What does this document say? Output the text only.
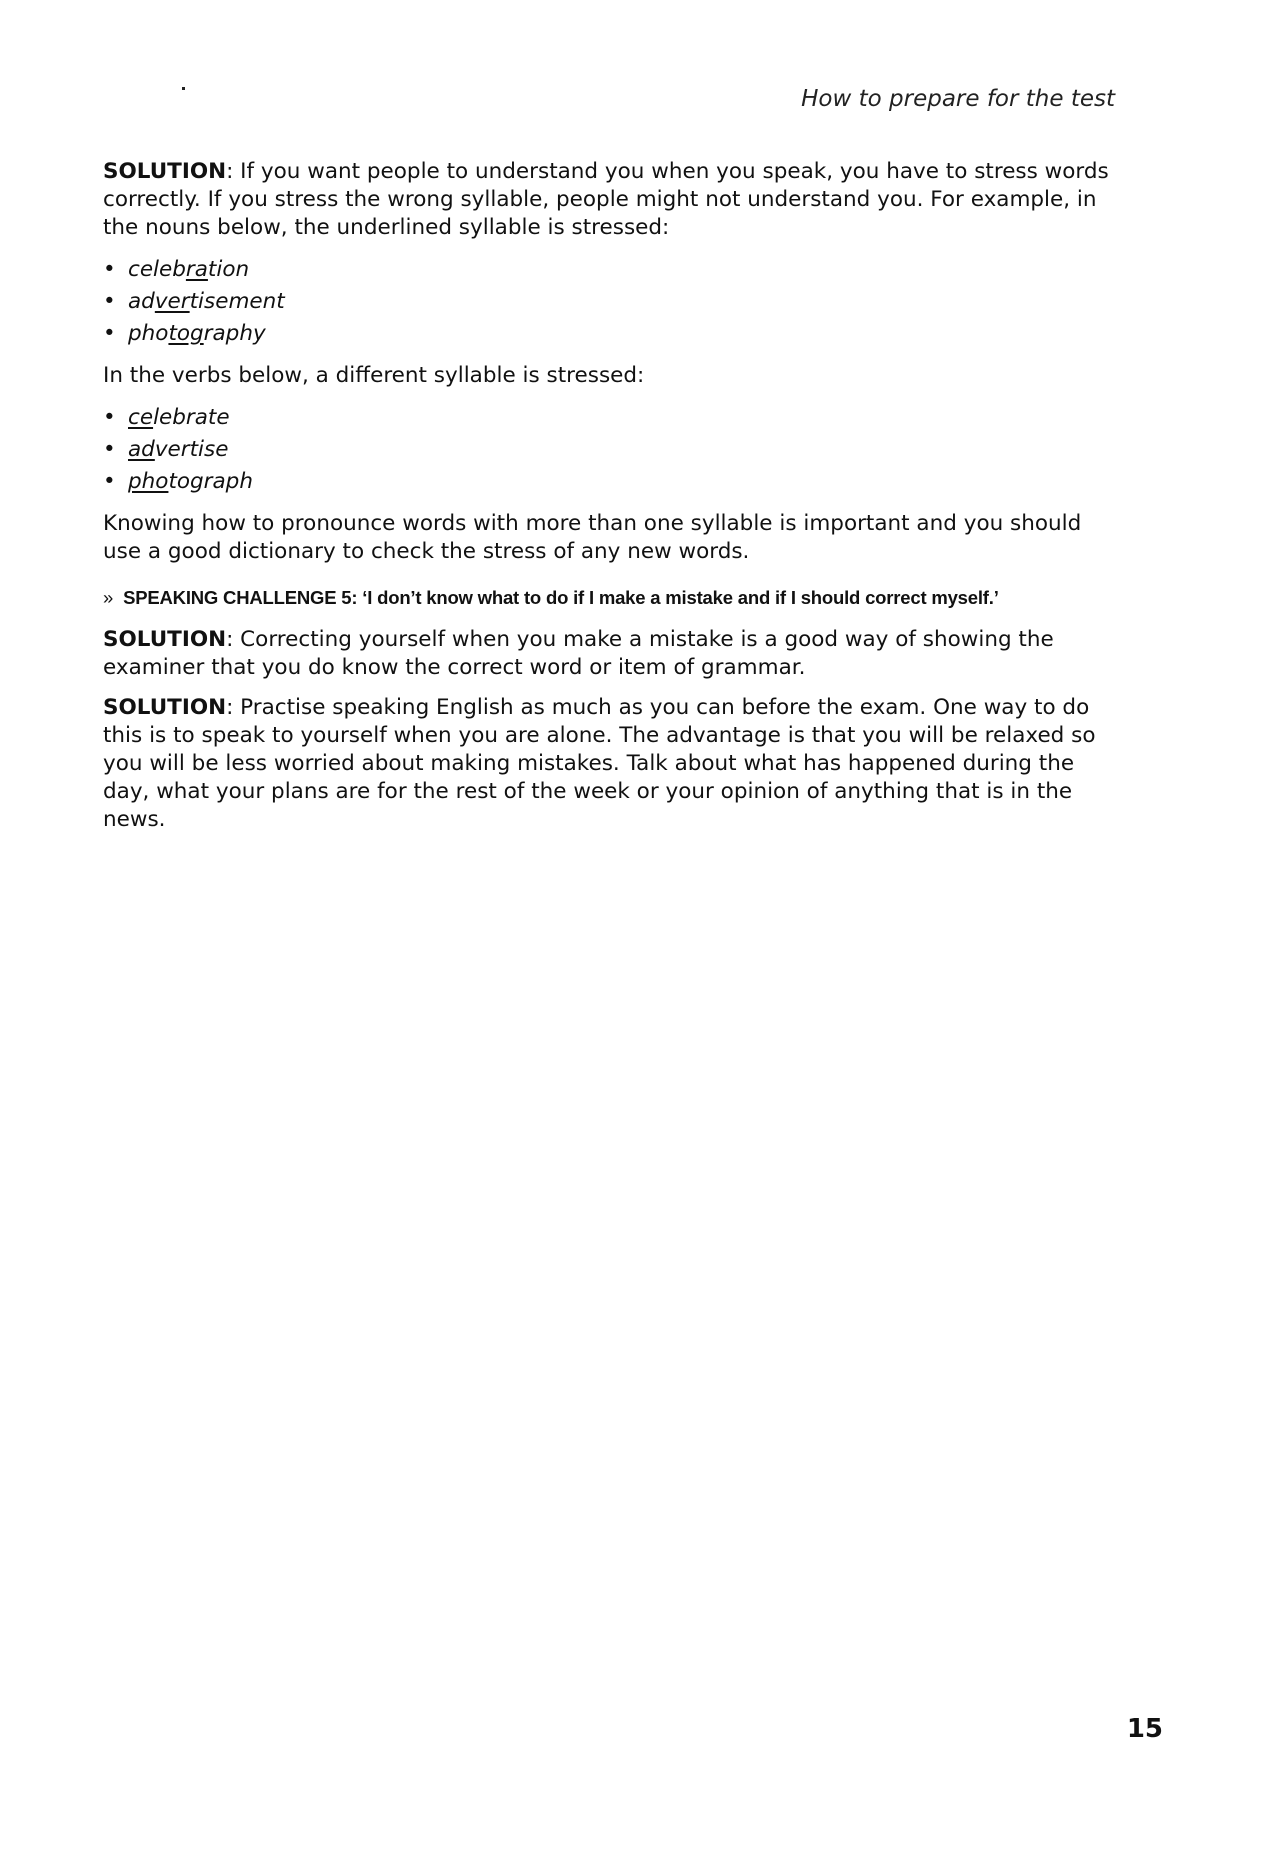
How to prepare for the test

SOLUTION: If you want people to understand you when you speak, you have to stress words correctly. If you stress the wrong syllable, people might not understand you. For example, in the nouns below, the underlined syllable is stressed:

• celebration
• advertisement
• photography

In the verbs below, a different syllable is stressed:

• celebrate
• advertise
• photograph

Knowing how to pronounce words with more than one syllable is important and you should use a good dictionary to check the stress of any new words.

» SPEAKING CHALLENGE 5: ‘I don’t know what to do if I make a mistake and if I should correct myself.’

SOLUTION: Correcting yourself when you make a mistake is a good way of showing the examiner that you do know the correct word or item of grammar.

SOLUTION: Practise speaking English as much as you can before the exam. One way to do this is to speak to yourself when you are alone. The advantage is that you will be relaxed so you will be less worried about making mistakes. Talk about what has happened during the day, what your plans are for the rest of the week or your opinion of anything that is in the news.

15
